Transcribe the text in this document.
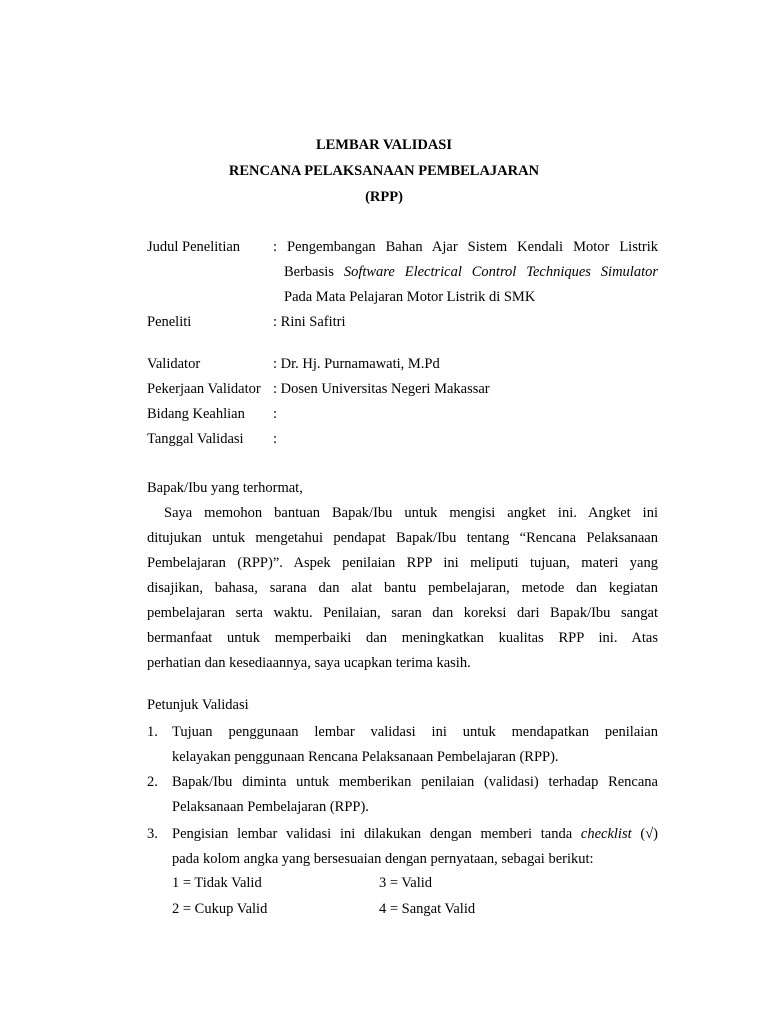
LEMBAR VALIDASI
RENCANA PELAKSANAAN PEMBELAJARAN
(RPP)
Judul Penelitian : Pengembangan Bahan Ajar Sistem Kendali Motor Listrik
Berbasis Software Electrical Control Techniques Simulator
Pada Mata Pelajaran Motor Listrik di SMK
Peneliti	: Rini Safitri
Validator	: Dr. Hj. Purnamawati, M.Pd
Pekerjaan Validator : Dosen Universitas Negeri Makassar
Bidang Keahlian :
Tanggal Validasi :
Bapak/Ibu yang terhormat,
Saya memohon bantuan Bapak/Ibu untuk mengisi angket ini. Angket ini
ditujukan untuk mengetahui pendapat Bapak/Ibu tentang “Rencana Pelaksanaan
Pembelajaran (RPP)”. Aspek penilaian RPP ini meliputi tujuan, materi yang
disajikan, bahasa, sarana dan alat bantu pembelajaran, metode dan kegiatan
pembelajaran serta waktu. Penilaian, saran dan koreksi dari Bapak/Ibu sangat
bermanfaat untuk memperbaiki dan meningkatkan kualitas RPP ini. Atas
perhatian dan kesediaannya, saya ucapkan terima kasih.
Petunjuk Validasi
1. Tujuan penggunaan lembar validasi ini untuk mendapatkan penilaian
kelayakan penggunaan Rencana Pelaksanaan Pembelajaran (RPP).
2. Bapak/Ibu diminta untuk memberikan penilaian (validasi) terhadap Rencana
Pelaksanaan Pembelajaran (RPP).
3. Pengisian lembar validasi ini dilakukan dengan memberi tanda checklist (√)
pada kolom angka yang bersesuaian dengan pernyataan, sebagai berikut:
1 = Tidak Valid	3 = Valid
2 = Cukup Valid	4 = Sangat Valid
